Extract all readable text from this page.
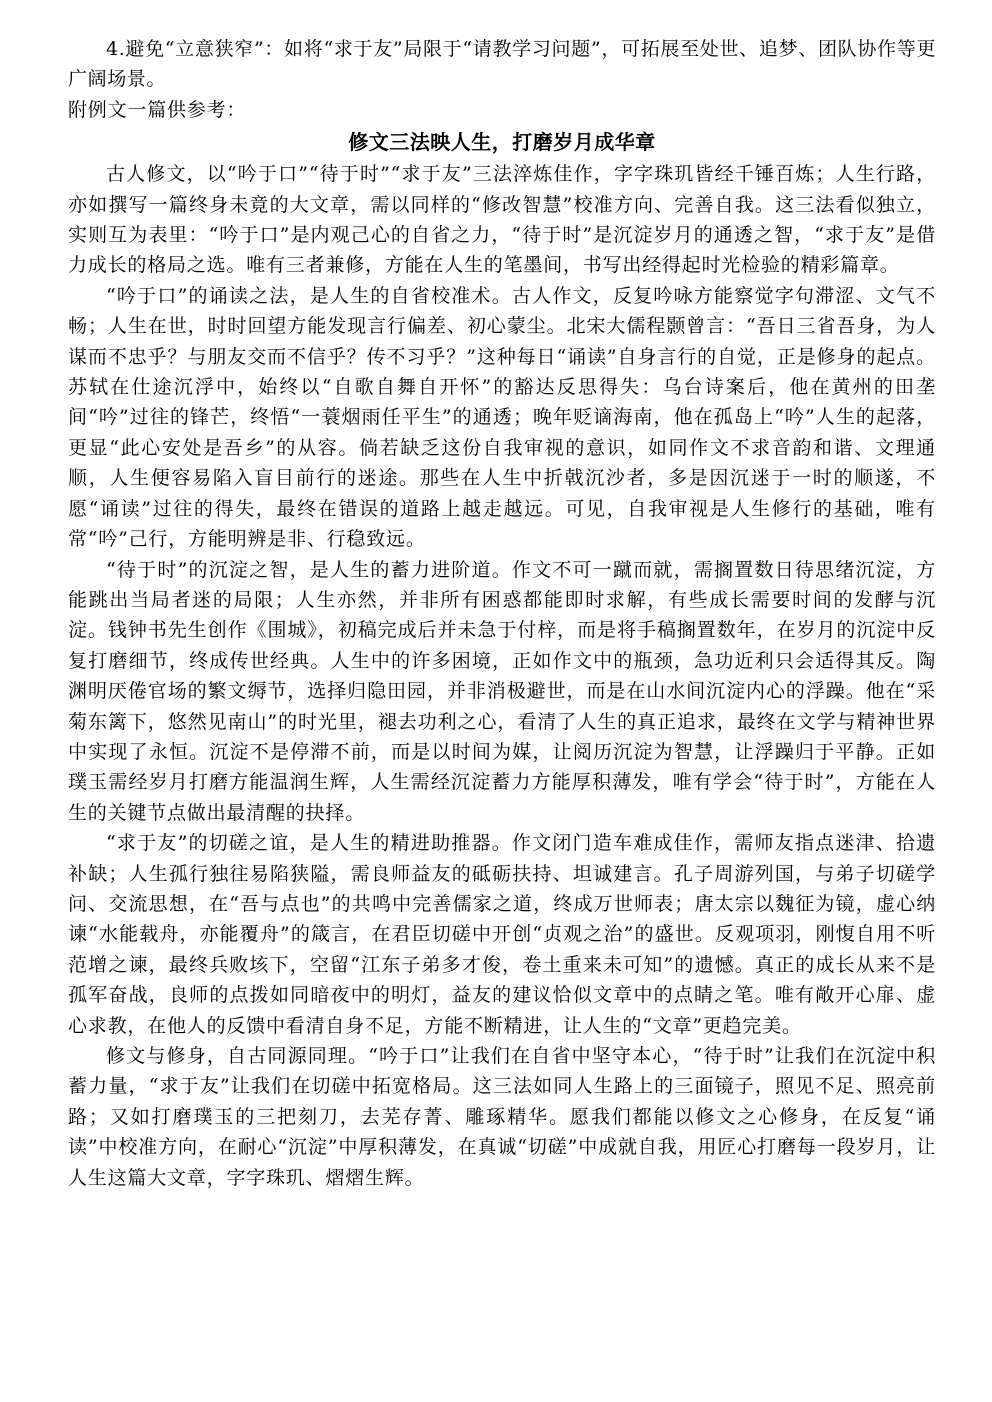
4.避免“立意狭窄”：如将“求于友”局限于“请教学习问题”，可拓展至处世、追梦、团队协作等更广阔场景。

附例文一篇供参考：

修文三法映人生，打磨岁月成华章

古人修文，以“吟于口”“待于时”“求于友”三法淬炼佳作，字字珠玑皆经千锤百炼；人生行路，亦如撰写一篇终身未竟的大文章，需以同样的“修改智慧”校准方向、完善自我。这三法看似独立，实则互为表里：“吟于口”是内观己心的自省之力，“待于时”是沉淀岁月的通透之智，“求于友”是借力成长的格局之选。唯有三者兼修，方能在人生的笔墨间，书写出经得起时光检验的精彩篇章。

“吟于口”的诵读之法，是人生的自省校准术。古人作文，反复吟咏方能察觉字句滞涩、文气不畅；人生在世，时时回望方能发现言行偏差、初心蒙尘。北宋大儒程颢曾言：“吾日三省吾身，为人谋而不忠乎？与朋友交而不信乎？传不习乎？”这种每日“诵读”自身言行的自觉，正是修身的起点。苏轼在仕途沉浮中，始终以“自歌自舞自开怀”的豁达反思得失：乌台诗案后，他在黄州的田垄间“吟”过往的锋芒，终悟“一蓑烟雨任平生”的通透；晚年贬谪海南，他在孤岛上“吟”人生的起落，更显“此心安处是吾乡”的从容。倘若缺乏这份自我审视的意识，如同作文不求音韵和谐、文理通顺，人生便容易陷入盲目前行的迷途。那些在人生中折戟沉沙者，多是因沉迷于一时的顺遂，不愿“诵读”过往的得失，最终在错误的道路上越走越远。可见，自我审视是人生修行的基础，唯有常“吟”己行，方能明辨是非、行稳致远。

“待于时”的沉淀之智，是人生的蓄力进阶道。作文不可一蹴而就，需搁置数日待思绪沉淀，方能跳出当局者迷的局限；人生亦然，并非所有困惑都能即时求解，有些成长需要时间的发酵与沉淀。钱钟书先生创作《围城》，初稿完成后并未急于付梓，而是将手稿搁置数年，在岁月的沉淀中反复打磨细节，终成传世经典。人生中的许多困境，正如作文中的瓶颈，急功近利只会适得其反。陶渊明厌倦官场的繁文缛节，选择归隐田园，并非消极避世，而是在山水间沉淀内心的浮躁。他在“采菊东篱下，悠然见南山”的时光里，褪去功利之心，看清了人生的真正追求，最终在文学与精神世界中实现了永恒。沉淀不是停滞不前，而是以时间为媒，让阅历沉淀为智慧，让浮躁归于平静。正如璞玉需经岁月打磨方能温润生辉，人生需经沉淀蓄力方能厚积薄发，唯有学会“待于时”，方能在人生的关键节点做出最清醒的抉择。

“求于友”的切磋之谊，是人生的精进助推器。作文闭门造车难成佳作，需师友指点迷津、拾遗补缺；人生孤行独往易陷狭隘，需良师益友的砥砺扶持、坦诚建言。孔子周游列国，与弟子切磋学问、交流思想，在“吾与点也”的共鸣中完善儒家之道，终成万世师表；唐太宗以魏征为镜，虚心纳谏“水能载舟，亦能覆舟”的箴言，在君臣切磋中开创“贞观之治”的盛世。反观项羽，刚愎自用不听范增之谏，最终兵败垓下，空留“江东子弟多才俊，卷土重来未可知”的遗憾。真正的成长从来不是孤军奋战，良师的点拨如同暗夜中的明灯，益友的建议恰似文章中的点睛之笔。唯有敞开心扉、虚心求教，在他人的反馈中看清自身不足，方能不断精进，让人生的“文章”更趋完美。

修文与修身，自古同源同理。“吟于口”让我们在自省中坚守本心，“待于时”让我们在沉淀中积蓄力量，“求于友”让我们在切磋中拓宽格局。这三法如同人生路上的三面镜子，照见不足、照亮前路；又如打磨璞玉的三把刻刀，去芜存菁、雕琢精华。愿我们都能以修文之心修身，在反复“诵读”中校准方向，在耐心“沉淀”中厚积薄发，在真诚“切磋”中成就自我，用匠心打磨每一段岁月，让人生这篇大文章，字字珠玑、熠熠生辉。
